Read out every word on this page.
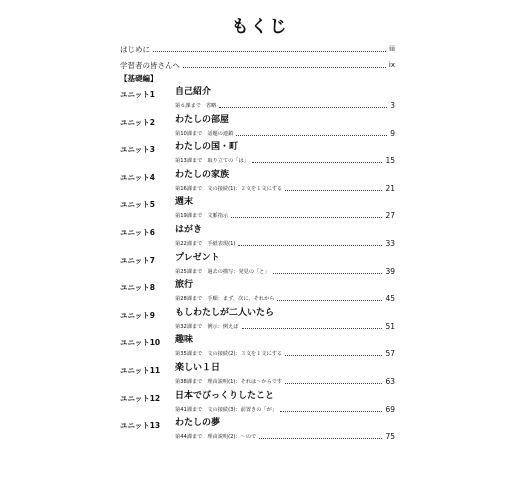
もくじ
はじめに	iii
学習者の皆さんへ	ix
【基礎編】
ユニット1 自己紹介
第６課まで 省略	3
ユニット2 わたしの部屋
第10課まで 話題の連鎖	9
ユニット3 わたしの国・町
第13課まで 取り立ての「は」	15
ユニット4 わたしの家族
第16課まで 文の接続(1)：２文を１文にする	21
ユニット5 週末
第19課まで 文脈指示	27
ユニット6 はがき
第22課まで 手紙表現(1)	33
ユニット7 プレゼント
第25課まで 過去の描写：発見の「と」	39
ユニット8 旅行
第28課まで 手順：まず、次に、それから	45
ユニット9 もしわたしが二人いたら
第32課まで 例示：例えば	51
ユニット10 趣味
第35課まで 文の接続(2)：３文を１文にする	57
ユニット11 楽しい１日
第38課まで 理由説明(1)：それは～からです	63
ユニット12 日本でびっくりしたこと
第41課まで 文の接続(3)：前置きの「が」	69
ユニット13 わたしの夢
第44課まで 理由説明(2)：～ので	75
